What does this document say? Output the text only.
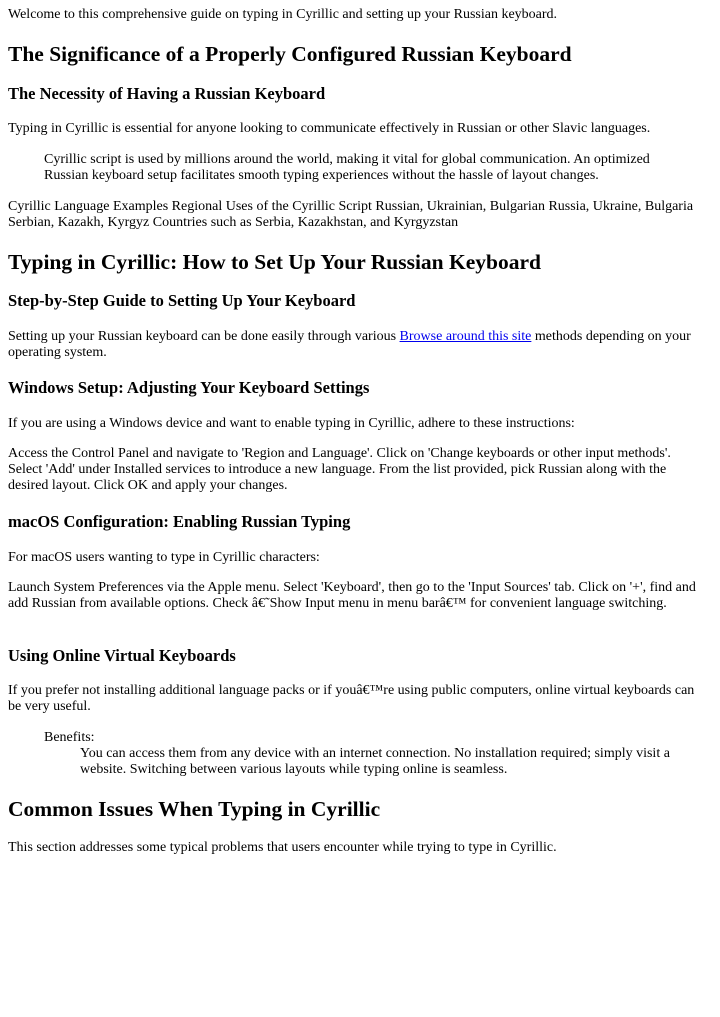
Welcome to this comprehensive guide on typing in Cyrillic and setting up your Russian keyboard.

The Significance of a Properly Configured Russian Keyboard
The Necessity of Having a Russian Keyboard

Typing in Cyrillic is essential for anyone looking to communicate effectively in Russian or other Slavic languages.

Cyrillic script is used by millions around the world, making it vital for global communication. An optimized Russian keyboard setup facilitates smooth typing experiences without the hassle of layout changes.

Cyrillic Language Examples Regional Uses of the Cyrillic Script Russian, Ukrainian, Bulgarian Russia, Ukraine, Bulgaria Serbian, Kazakh, Kyrgyz Countries such as Serbia, Kazakhstan, and Kyrgyzstan

Typing in Cyrillic: How to Set Up Your Russian Keyboard
Step-by-Step Guide to Setting Up Your Keyboard

Setting up your Russian keyboard can be done easily through various Browse around this site methods depending on your operating system.

Windows Setup: Adjusting Your Keyboard Settings

If you are using a Windows device and want to enable typing in Cyrillic, adhere to these instructions:

Access the Control Panel and navigate to 'Region and Language'. Click on 'Change keyboards or other input methods'. Select 'Add' under Installed services to introduce a new language. From the list provided, pick Russian along with the desired layout. Click OK and apply your changes.

macOS Configuration: Enabling Russian Typing

For macOS users wanting to type in Cyrillic characters:

Launch System Preferences via the Apple menu. Select 'Keyboard', then go to the 'Input Sources' tab. Click on '+', find and add Russian from available options. Check â€˜Show Input menu in menu barâ€™ for convenient language switching.

Using Online Virtual Keyboards

If you prefer not installing additional language packs or if youâ€™re using public computers, online virtual keyboards can be very useful.

Benefits:

You can access them from any device with an internet connection. No installation required; simply visit a website. Switching between various layouts while typing online is seamless.

Common Issues When Typing in Cyrillic

This section addresses some typical problems that users encounter while trying to type in Cyrillic.
